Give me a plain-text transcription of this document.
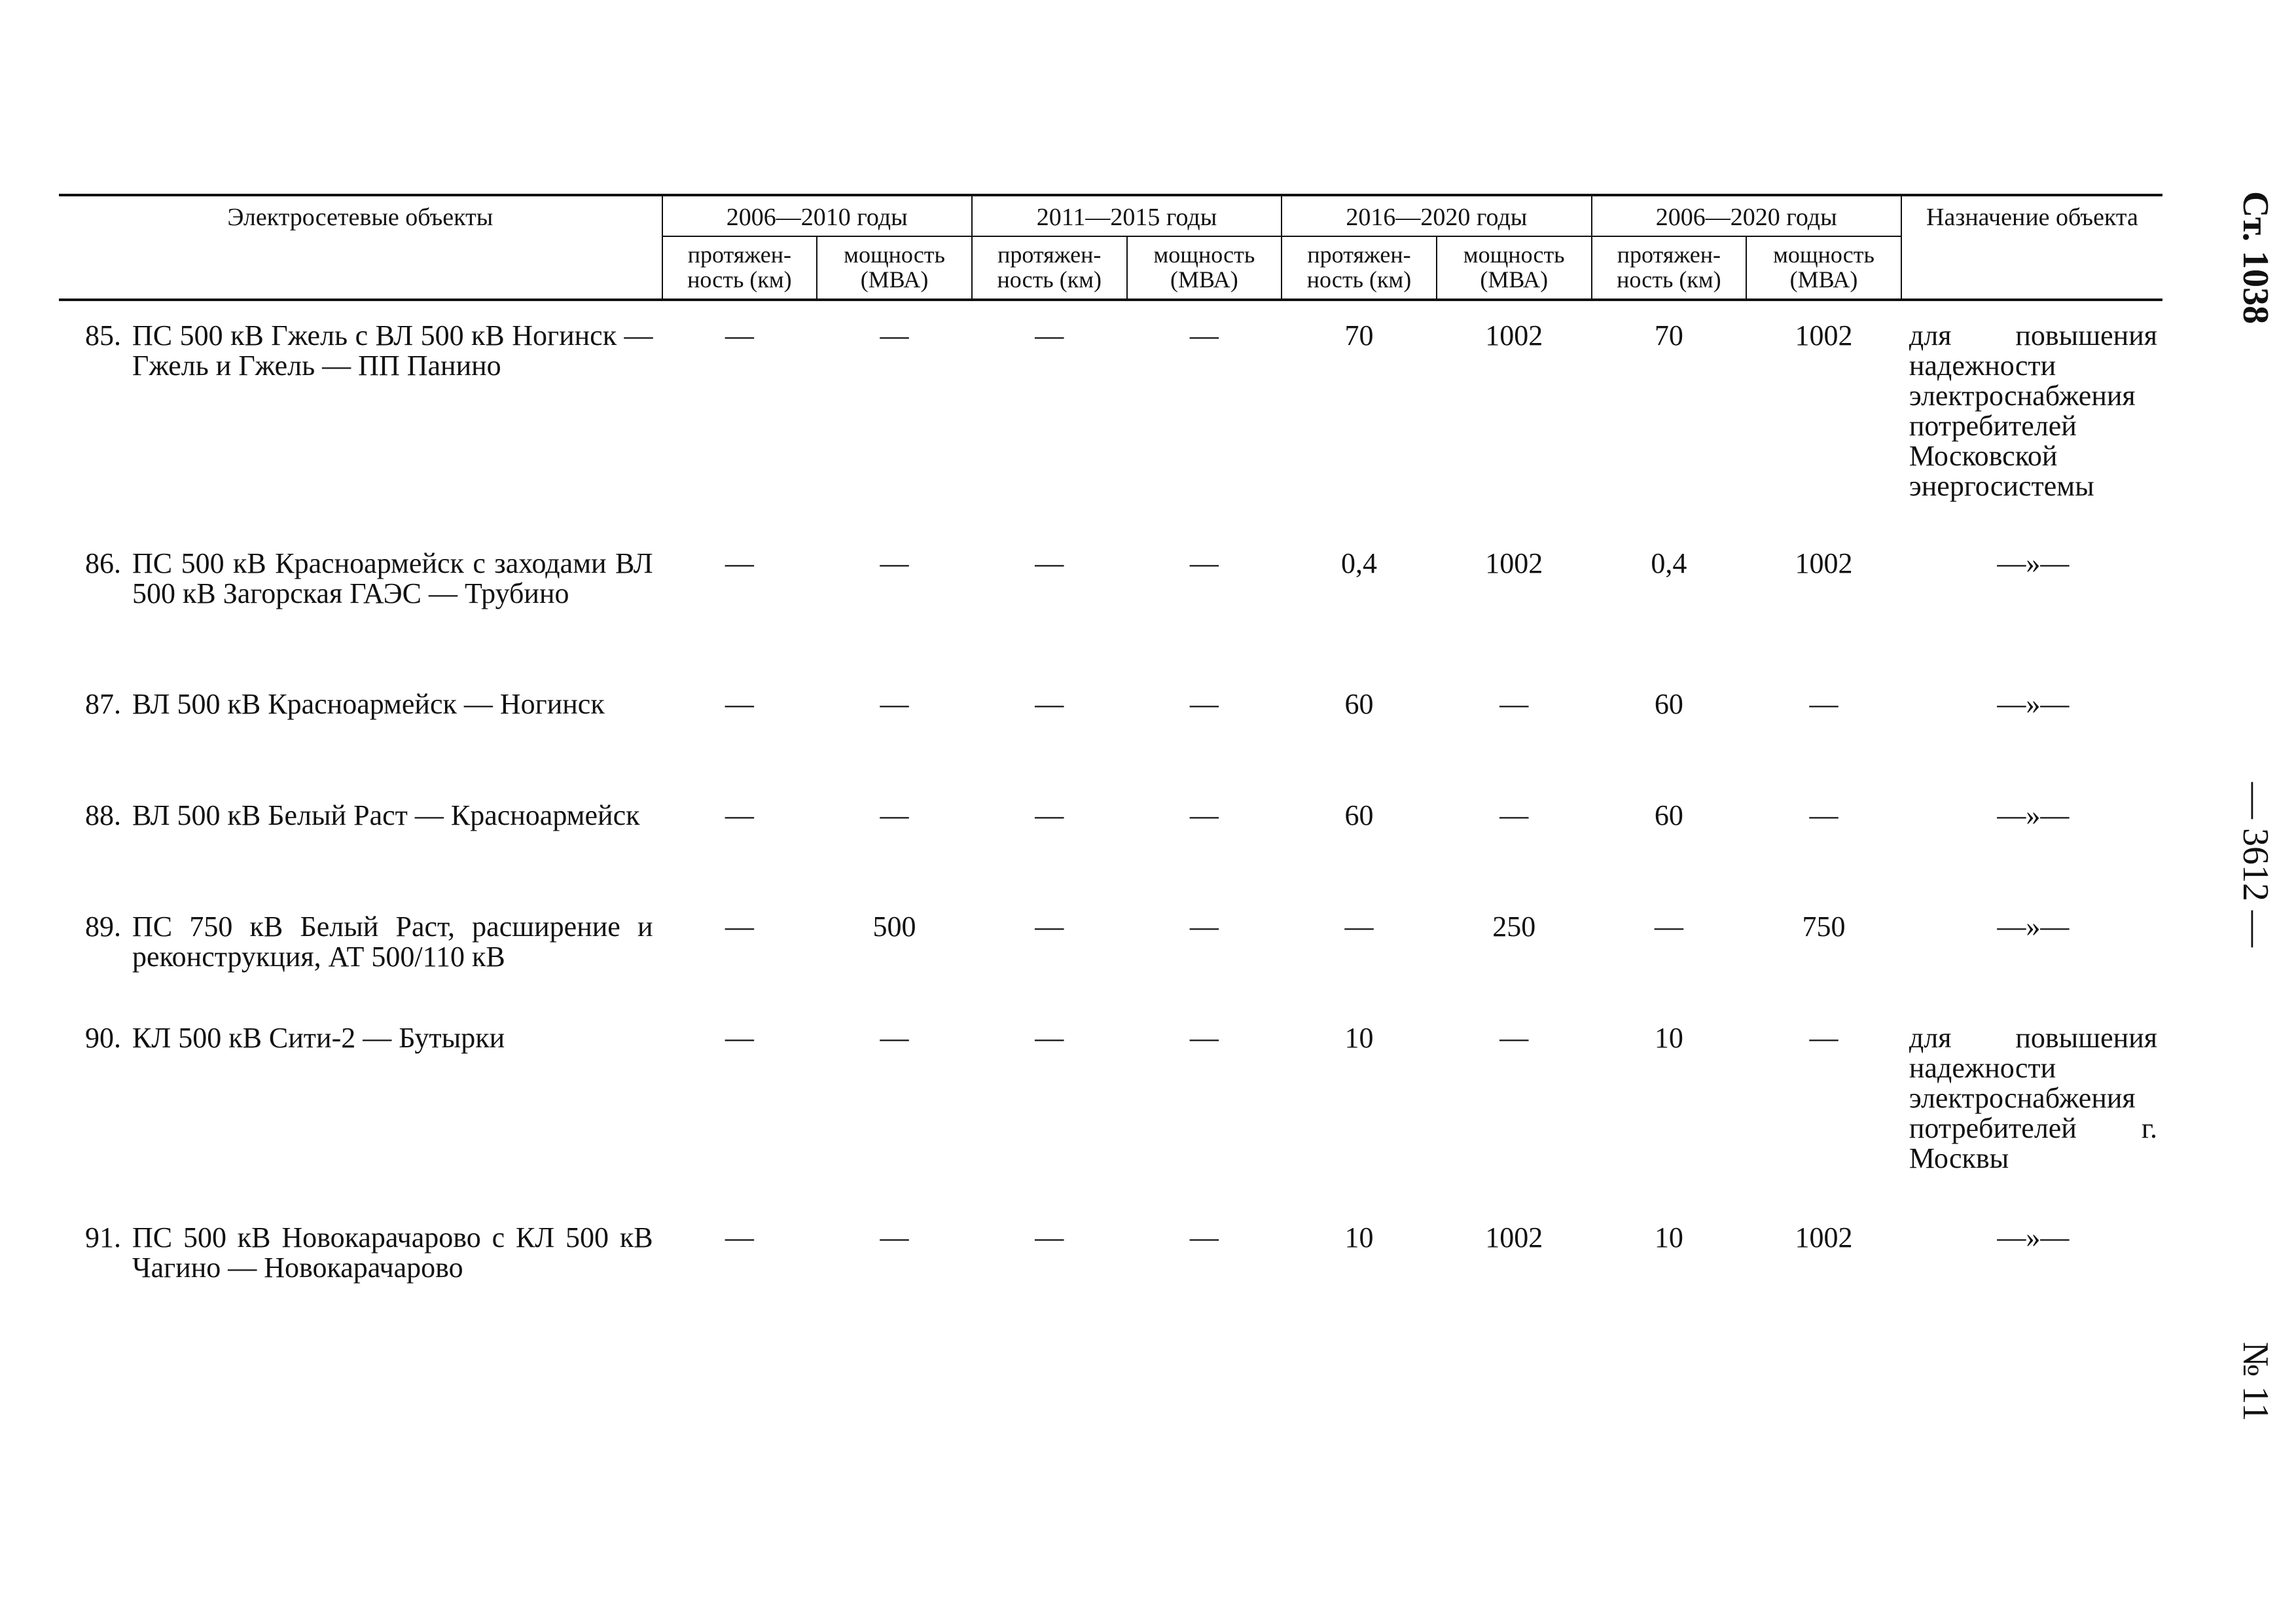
Электросетевые объекты	2006—2010 годы		2011—2015 годы		2016—2020 годы		2006—2020 годы		Назначение объекта
	протяжен-ность (км)	мощность (МВА)	протяжен-ность (км)	мощность (МВА)	протяжен-ность (км)	мощность (МВА)	протяжен-ность (км)	мощность (МВА)	

85. ПС 500 кВ Гжель с ВЛ 500 кВ Ногинск — Гжель и Гжель — ПП Панино	—	—	—	—	70	1002	70	1002	для повышения надежности электроснабжения потребителей Московской энергосистемы

86. ПС 500 кВ Красноармейск с заходами ВЛ 500 кВ Загорская ГАЭС — Трубино	—	—	—	—	0,4	1002	0,4	1002	—»—

87. ВЛ 500 кВ Красноармейск — Ногинск	—	—	—	—	60	—	60	—	—»—

88. ВЛ 500 кВ Белый Раст — Красноармейск	—	—	—	—	60	—	60	—	—»—

89. ПС 750 кВ Белый Раст, расширение и реконструкция, АТ 500/110 кВ	—	500	—	—	—	250	—	750	—»—

90. КЛ 500 кВ Сити-2 — Бутырки	—	—	—	—	10	—	10	—	для повышения надежности электроснабжения потребителей г. Москвы

91. ПС 500 кВ Новокарачарово с КЛ 500 кВ Чагино — Новокарачарово	—	—	—	—	10	1002	10	1002	—»—
Ст. 1038
— 3612 —
№ 11
